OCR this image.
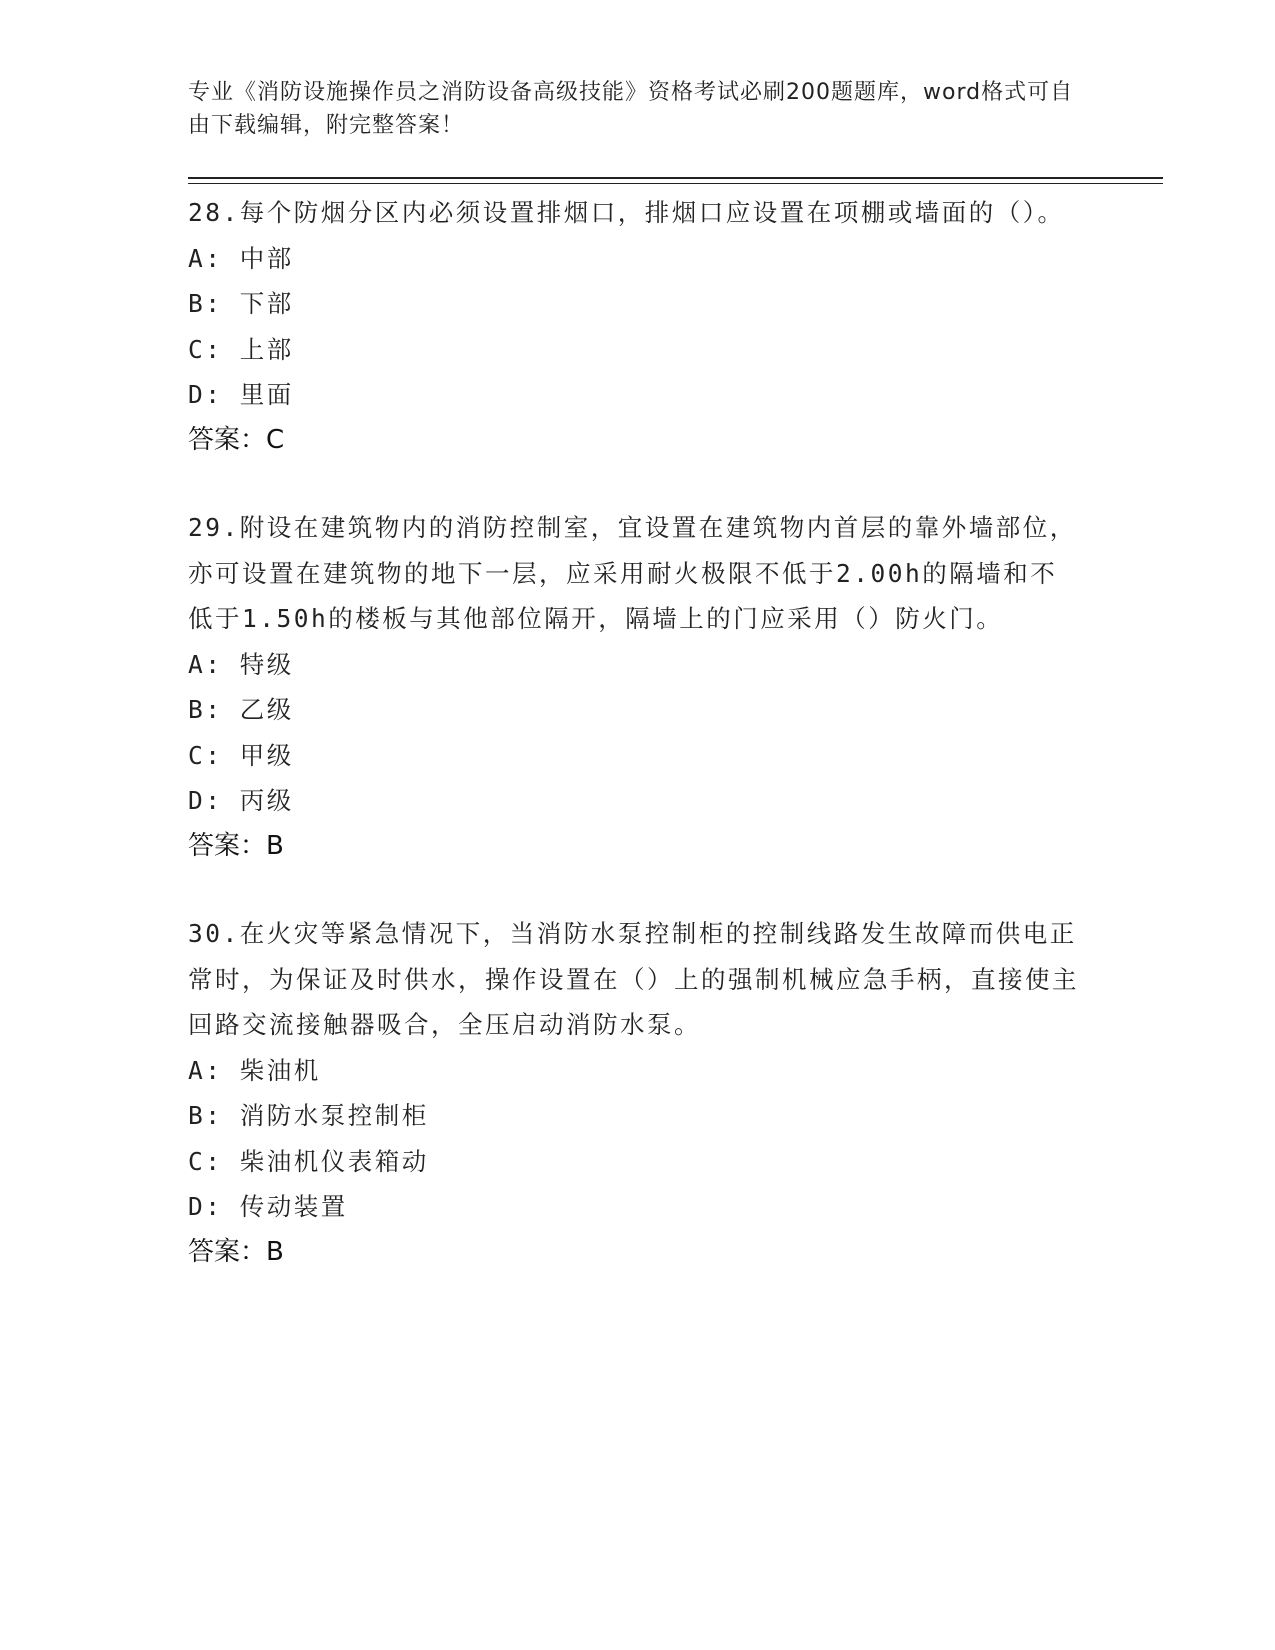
专业《消防设施操作员之消防设备高级技能》资格考试必刷200题题库，word格式可自由下载编辑，附完整答案！

28.每个防烟分区内必须设置排烟口，排烟口应设置在项棚或墙面的（）。

A: 中部

B: 下部

C: 上部

D: 里面

答案：C

29.附设在建筑物内的消防控制室，宜设置在建筑物内首层的靠外墙部位，亦可设置在建筑物的地下一层，应采用耐火极限不低于2.00h的隔墙和不低于1.50h的楼板与其他部位隔开，隔墙上的门应采用（）防火门。

A: 特级

B: 乙级

C: 甲级

D: 丙级

答案：B

30.在火灾等紧急情况下，当消防水泵控制柜的控制线路发生故障而供电正常时，为保证及时供水，操作设置在（）上的强制机械应急手柄，直接使主回路交流接触器吸合，全压启动消防水泵。

A: 柴油机

B: 消防水泵控制柜

C: 柴油机仪表箱动

D: 传动装置

答案：B
